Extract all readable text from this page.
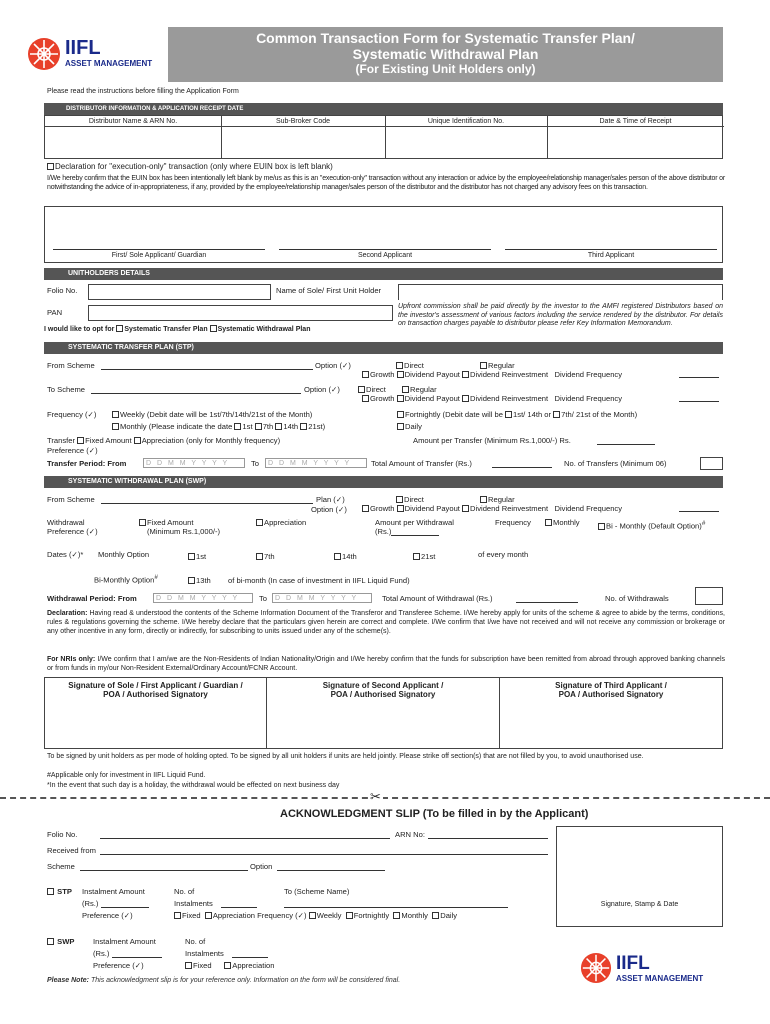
IIFL
ASSET MANAGEMENT
Common Transaction Form for Systematic Transfer Plan/
Systematic Withdrawal Plan
(For Existing Unit Holders only)
Please read the instructions before filling the Application Form
DISTRIBUTOR INFORMATION & APPLICATION RECEIPT DATE
Distributor Name & ARN No.	Sub-Broker Code	Unique Identification No.	Date & Time of Receipt
Declaration for "execution-only" transaction (only where EUIN box is left blank)
I/We hereby confirm that the EUIN box has been intentionally left blank by me/us as this is an "execution-only" transaction without any interaction or advice by the employee/relationship manager/sales person of the above distributor or notwithstanding the advice of in-appropriateness, if any, provided by the employee/relationship manager/sales person of the distributor and the distributor has not charged any advisory fees on this transaction.
First/ Sole Applicant/ Guardian	Second Applicant	Third Applicant
UNITHOLDERS DETAILS
Folio No.	Name of Sole/ First Unit Holder
PAN
Upfront commission shall be paid directly by the investor to the AMFI registered Distributors based on the investor's assessment of various factors including the service rendered by the distributor. For details on transaction charges payable to distributor please refer Key Information Memorandum.
I would like to opt for Systematic Transfer Plan Systematic Withdrawal Plan
SYSTEMATIC TRANSFER PLAN (STP)
From Scheme	Option (✓)	Direct	Regular
Growth Dividend Payout Dividend Reinvestment Dividend Frequency
To Scheme	Option (✓)	Direct	Regular
Growth Dividend Payout Dividend Reinvestment Dividend Frequency
Frequency (✓)	Weekly (Debit date will be 1st/7th/14th/21st of the Month)	Fortnightly (Debit date will be 1st/ 14th or 7th/ 21st of the Month)
Monthly (Please indicate the date 1st 7th 14th 21st)	Daily
Transfer Fixed Amount Appreciation (only for Monthly frequency)
Preference (✓)
Amount per Transfer (Minimum Rs.1,000/-) Rs.
Transfer Period: From	D D M M Y Y Y Y	To	D D M M Y Y Y Y	Total Amount of Transfer (Rs.)	No. of Transfers (Minimum 06)
SYSTEMATIC WITHDRAWAL PLAN (SWP)
From Scheme	Plan (✓)
Option (✓)
Direct	Regular
Growth Dividend Payout Dividend Reinvestment Dividend Frequency
Withdrawal
Preference (✓)
Fixed Amount
(Minimum Rs.1,000/-)
Appreciation	Amount per Withdrawal
(Rs.)
Frequency	Monthly	Bi - Monthly (Default Option)#
Dates (✓)* Monthly Option	1st	7th	14th	21st	of every month
Bi-Monthly Option#	13th of bi-month (In case of investment in IIFL Liquid Fund)
Withdrawal Period: From	D D M M Y Y Y Y	To	D D M M Y Y Y Y	Total Amount of Withdrawal (Rs.)	No. of Withdrawals
Declaration: Having read & understood the contents of the Scheme Information Document of the Transferor and Transferee Scheme. I/We hereby apply for units of the scheme & agree to abide by the terms, conditions, rules & regulations governing the scheme. I/We hereby declare that the particulars given herein are correct and complete. I/We confirm that I/we have not received and will not receive any commission or brokerage or any other incentive in any form, directly or indirectly, for subscribing to units issued under any of the scheme(s).
For NRIs only: I/We confirm that I am/we are the Non-Residents of Indian Nationality/Origin and I/We hereby confirm that the funds for subscription have been remitted from abroad through approved banking channels or from funds in my/our Non-Resident External/Ordinary Account/FCNR Account.
Signature of Sole / First Applicant / Guardian /
POA / Authorised Signatory
Signature of Second Applicant /
POA / Authorised Signatory
Signature of Third Applicant /
POA / Authorised Signatory
To be signed by unit holders as per mode of holding opted. To be signed by all unit holders if units are held jointly. Please strike off section(s) that are not filled by you, to avoid unauthorised use.
#Applicable only for investment in IIFL Liquid Fund.
*In the event that such day is a holiday, the withdrawal would be effected on next business day
✂
ACKNOWLEDGMENT SLIP (To be filled in by the Applicant)
Folio No.	ARN No:
Received from
Scheme	Option
Signature, Stamp & Date
STP Instalment Amount
(Rs.)
Preference (✓)
No. of
Instalments
To (Scheme Name)
Fixed Appreciation Frequency (✓) Weekly Fortnightly Monthly Daily
SWP Instalment Amount
(Rs.)
Preference (✓)
No. of
Instalments
Fixed	Appreciation	IIFL
ASSET MANAGEMENT
Please Note: This acknowledgment slip is for your reference only. Information on the form will be considered final.
